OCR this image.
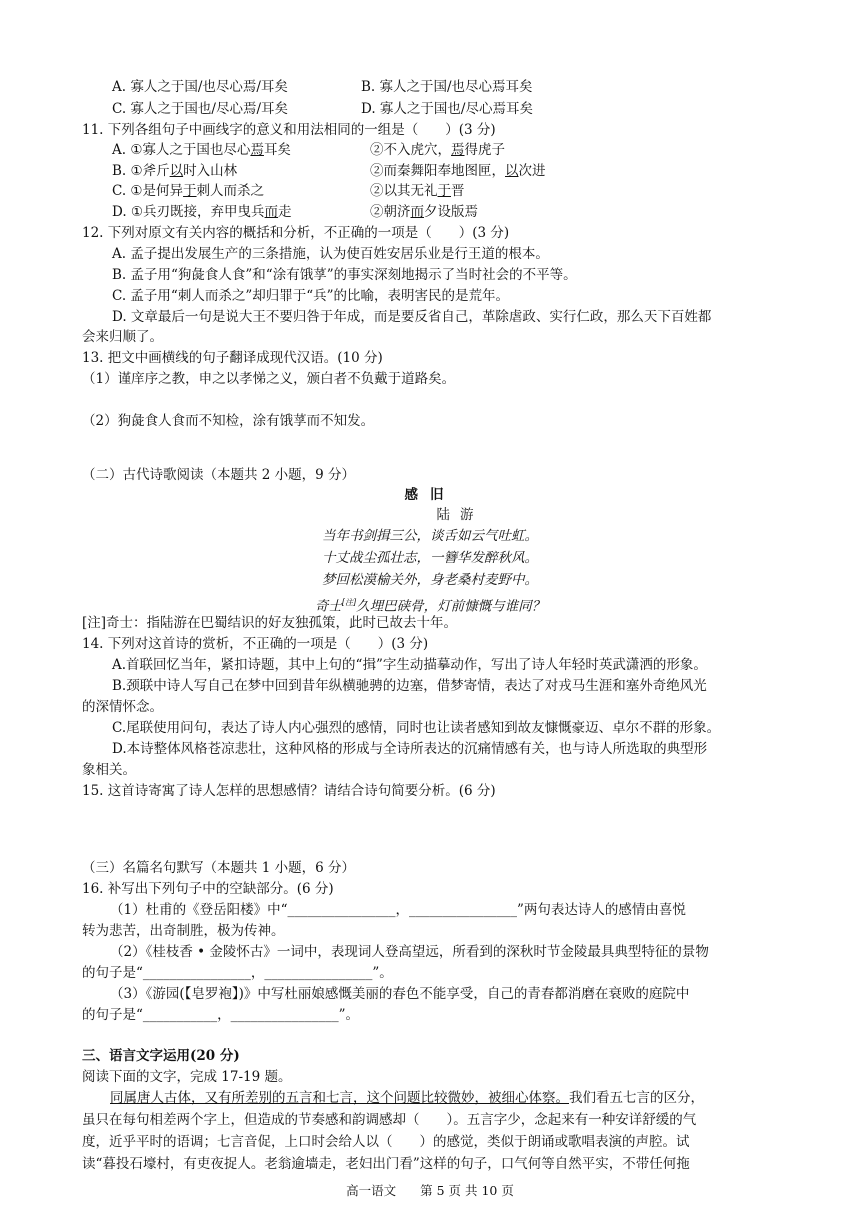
A. 寡人之于国/也尽心焉/耳矣	B. 寡人之于国/也尽心焉耳矣
C. 寡人之于国也/尽心焉/耳矣	D. 寡人之于国也/尽心焉耳矣
11. 下列各组句子中画线字的意义和用法相同的一组是（　　）(3 分)
A. ①寡人之于国也尽心焉耳矣	②不入虎穴，焉得虎子
B. ①斧斤以时入山林	②而秦舞阳奉地图匣，以次进
C. ①是何异于刺人而杀之	②以其无礼于晋
D. ①兵刃既接，弃甲曳兵而走	②朝济而夕设版焉
12. 下列对原文有关内容的概括和分析，不正确的一项是（　　）(3 分)
A. 孟子提出发展生产的三条措施，认为使百姓安居乐业是行王道的根本。
B. 孟子用“狗彘食人食”和“涂有饿莩”的事实深刻地揭示了当时社会的不平等。
C. 孟子用“刺人而杀之”却归罪于“兵”的比喻，表明害民的是荒年。
D. 文章最后一句是说大王不要归咎于年成，而是要反省自己，革除虐政、实行仁政，那么天下百姓都
会来归顺了。
13. 把文中画横线的句子翻译成现代汉语。(10 分)
（1）谨庠序之教，申之以孝悌之义，颁白者不负戴于道路矣。
（2）狗彘食人食而不知检，涂有饿莩而不知发。
（二）古代诗歌阅读（本题共 2 小题，9 分）
感旧
陆游
当年书剑揖三公，谈舌如云气吐虹。
十丈战尘孤壮志，一簪华发醉秋风。
梦回松漠榆关外，身老桑村麦野中。
奇士[注]久埋巴硖骨，灯前慷慨与谁同？
[注]奇士：指陆游在巴蜀结识的好友独孤策，此时已故去十年。
14. 下列对这首诗的赏析，不正确的一项是（　　）(3 分)
A.首联回忆当年，紧扣诗题，其中上句的“揖”字生动描摹动作，写出了诗人年轻时英武潇洒的形象。
B.颈联中诗人写自己在梦中回到昔年纵横驰骋的边塞，借梦寄情，表达了对戎马生涯和塞外奇绝风光
的深情怀念。
C.尾联使用问句，表达了诗人内心强烈的感情，同时也让读者感知到故友慷慨豪迈、卓尔不群的形象。
D.本诗整体风格苍凉悲壮，这种风格的形成与全诗所表达的沉痛情感有关，也与诗人所选取的典型形
象相关。
15. 这首诗寄寓了诗人怎样的思想感情？请结合诗句简要分析。(6 分)
（三）名篇名句默写（本题共 1 小题，6 分）
16. 补写出下列句子中的空缺部分。(6 分)
（1）杜甫的《登岳阳楼》中“________________，________________”两句表达诗人的感情由喜悦
转为悲苦，出奇制胜，极为传神。
（2）《桂枝香 • 金陵怀古》一词中，表现词人登高望远，所看到的深秋时节金陵最具典型特征的景物
的句子是“________________，________________”。
（3）《游园(【皂罗袍】)》中写杜丽娘感慨美丽的春色不能享受，自己的青春都消磨在衰败的庭院中
的句子是“___________，________________”。
三、语言文字运用(20 分)
阅读下面的文字，完成 17-19 题。
同属唐人古体，又有所差别的五言和七言，这个问题比较微妙，被细心体察。我们看五七言的区分，
虽只在每句相差两个字上，但造成的节奏感和韵调感却（　　）。五言字少，念起来有一种安详舒缓的气
度，近乎平时的语调；七言音促，上口时会给人以（　　）的感觉，类似于朗诵或歌唱表演的声腔。试
读“暮投石壕村，有吏夜捉人。老翁逾墙走，老妇出门看”这样的句子，口气何等自然平实，不带任何拖
高一语文 第 5 页 共 10 页
